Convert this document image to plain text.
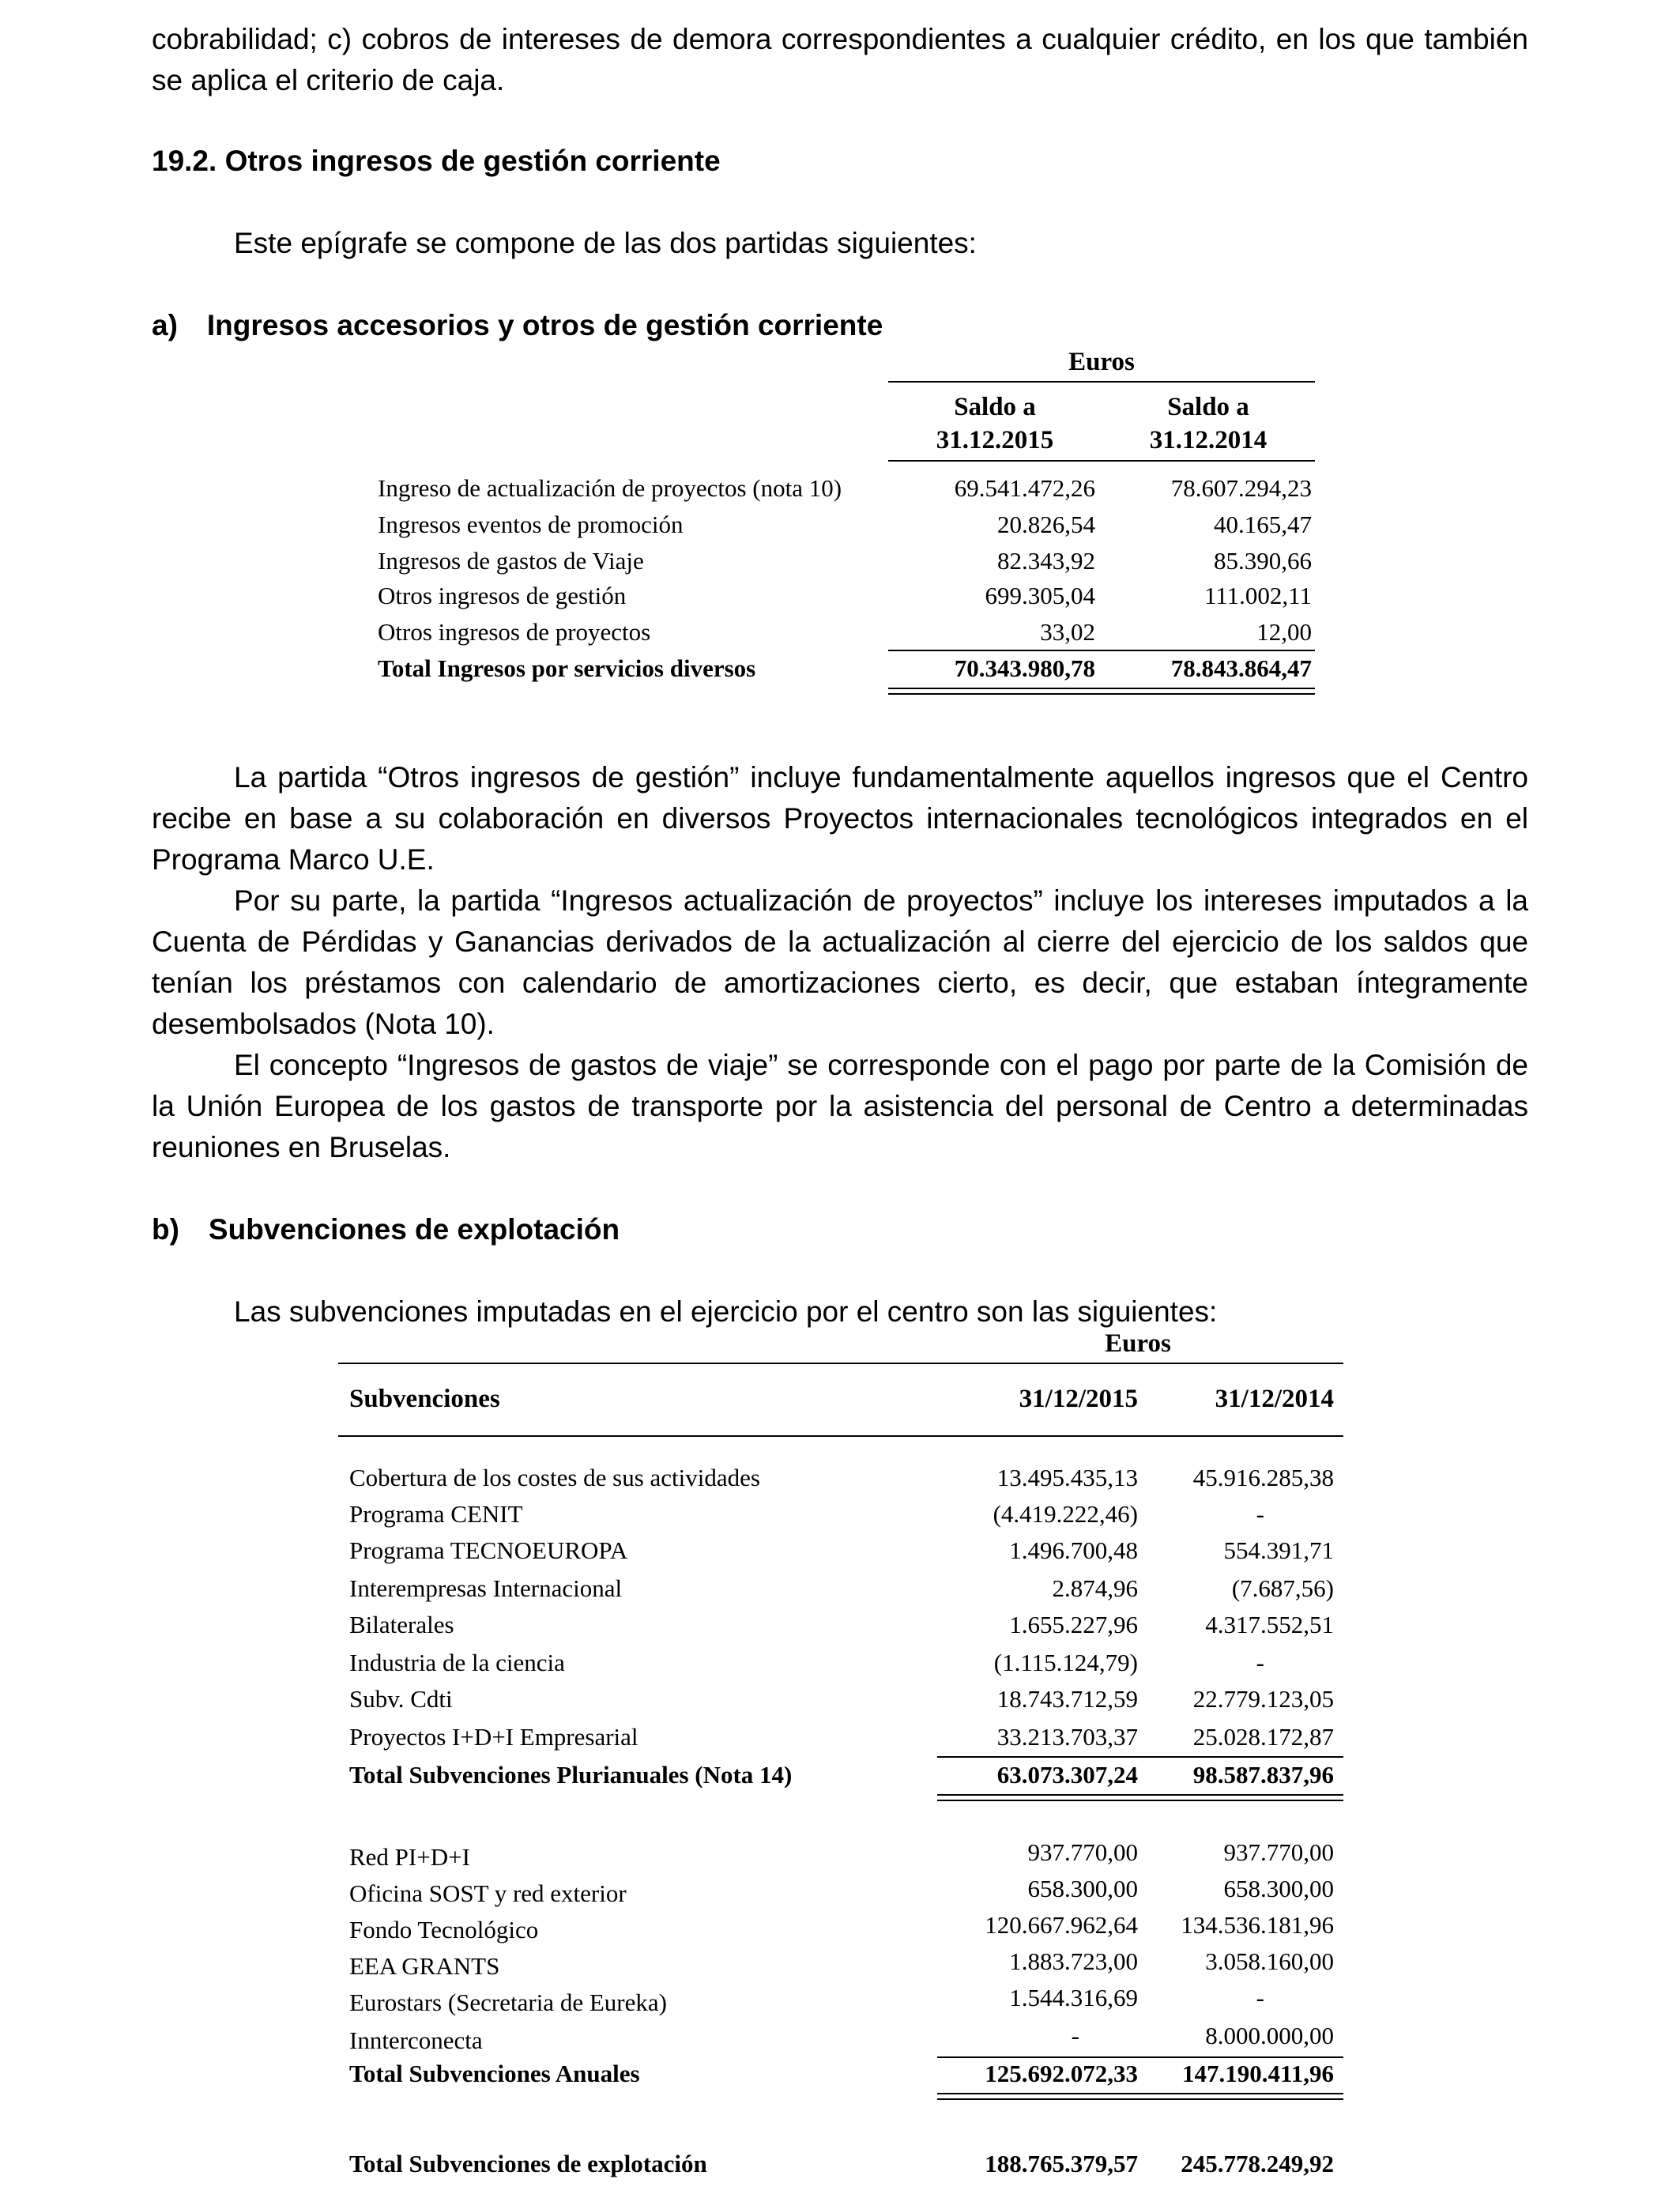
cobrabilidad; c) cobros de intereses de demora correspondientes a cualquier crédito, en los que también se aplica el criterio de caja.

19.2. Otros ingresos de gestión corriente

Este epígrafe se compone de las dos partidas siguientes:

a) Ingresos accesorios y otros de gestión corriente

Euros
Saldo a
31.12.2015
Saldo a
31.12.2014
Ingreso de actualización de proyectos (nota 10)	69.541.472,26	78.607.294,23
Ingresos eventos de promoción	20.826,54	40.165,47
Ingresos de gastos de Viaje	82.343,92	85.390,66
Otros ingresos de gestión	699.305,04	111.002,11
Otros ingresos de proyectos	33,02	12,00
Total Ingresos por servicios diversos	70.343.980,78	78.843.864,47

La partida “Otros ingresos de gestión” incluye fundamentalmente aquellos ingresos que el Centro recibe en base a su colaboración en diversos Proyectos internacionales tecnológicos integrados en el Programa Marco U.E.

Por su parte, la partida “Ingresos actualización de proyectos” incluye los intereses imputados a la Cuenta de Pérdidas y Ganancias derivados de la actualización al cierre del ejercicio de los saldos que tenían los préstamos con calendario de amortizaciones cierto, es decir, que estaban íntegramente desembolsados (Nota 10).

El concepto “Ingresos de gastos de viaje” se corresponde con el pago por parte de la Comisión de la Unión Europea de los gastos de transporte por la asistencia del personal de Centro a determinadas reuniones en Bruselas.

b) Subvenciones de explotación

Las subvenciones imputadas en el ejercicio por el centro son las siguientes:

Euros
Subvenciones	31/12/2015	31/12/2014
Cobertura de los costes de sus actividades	13.495.435,13 45.916.285,38
Programa CENIT	(4.419.222,46)	-
Programa TECNOEUROPA	1.496.700,48	554.391,71
Interempresas Internacional	2.874,96	(7.687,56)
Bilaterales	1.655.227,96	4.317.552,51
Industria de la ciencia	(1.115.124,79)	-
Subv. Cdti	18.743.712,59 22.779.123,05
Proyectos I+D+I Empresarial	33.213.703,37 25.028.172,87
Total Subvenciones Plurianuales (Nota 14)	63.073.307,24 98.587.837,96
Red PI+D+I	937.770,00	937.770,00
Oficina SOST y red exterior	658.300,00	658.300,00
Fondo Tecnológico	120.667.962,64 134.536.181,96
EEA GRANTS	1.883.723,00	3.058.160,00
Eurostars (Secretaria de Eureka)	1.544.316,69	-
Innterconecta	-	8.000.000,00
Total Subvenciones Anuales	125.692.072,33 147.190.411,96
Total Subvenciones de explotación	188.765.379,57 245.778.249,92
